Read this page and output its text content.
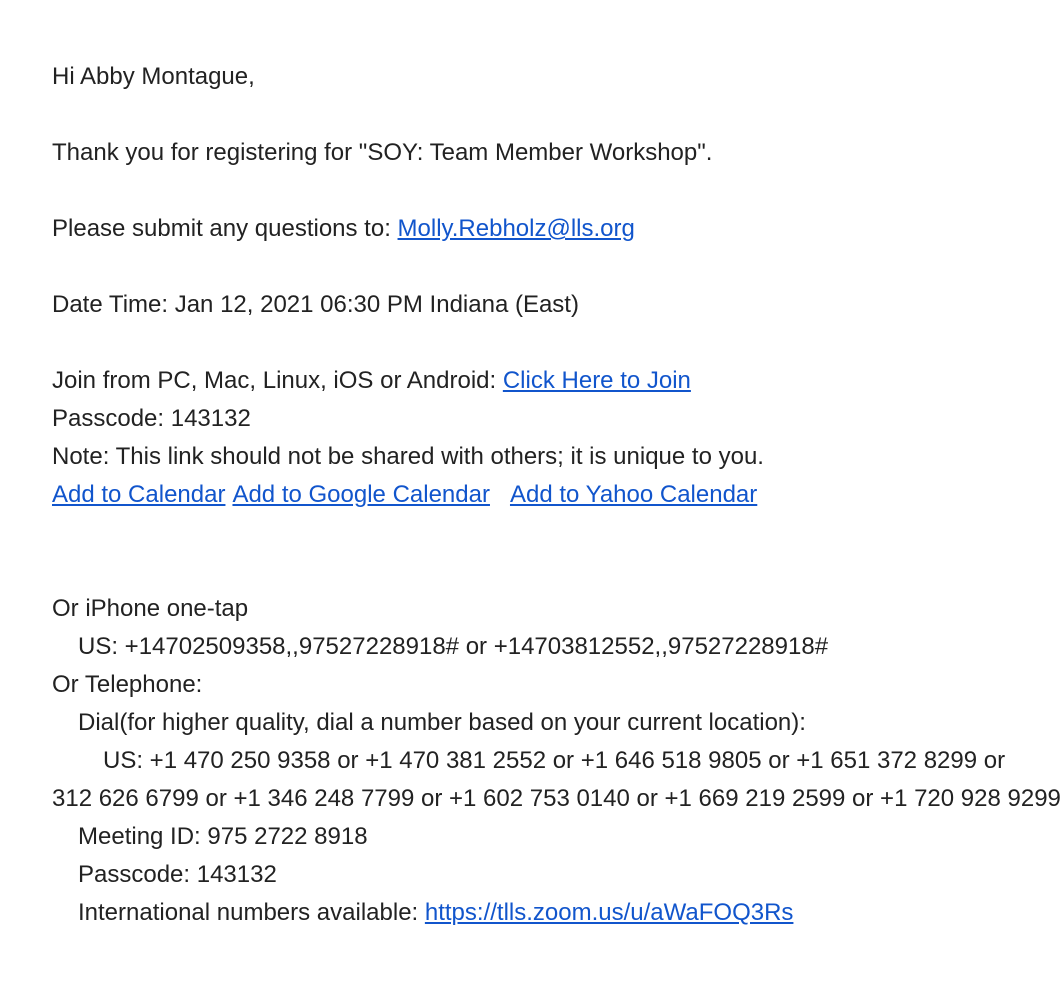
Hi Abby Montague,
Thank you for registering for "SOY: Team Member Workshop".
Please submit any questions to: Molly.Rebholz@lls.org
Date Time: Jan 12, 2021 06:30 PM Indiana (East)
Join from PC, Mac, Linux, iOS or Android: Click Here to Join
Passcode: 143132
Note: This link should not be shared with others; it is unique to you.
Add to Calendar Add to Google Calendar Add to Yahoo Calendar
Or iPhone one-tap
US: +14702509358,,97527228918# or +14703812552,,97527228918#
Or Telephone:
Dial(for higher quality, dial a number based on your current location):
US: +1 470 250 9358 or +1 470 381 2552 or +1 646 518 9805 or +1 651 372 8299 or
312 626 6799 or +1 346 248 7799 or +1 602 753 0140 or +1 669 219 2599 or +1 720 928 9299
Meeting ID: 975 2722 8918
Passcode: 143132
International numbers available: https://tlls.zoom.us/u/aWaFOQ3Rs
